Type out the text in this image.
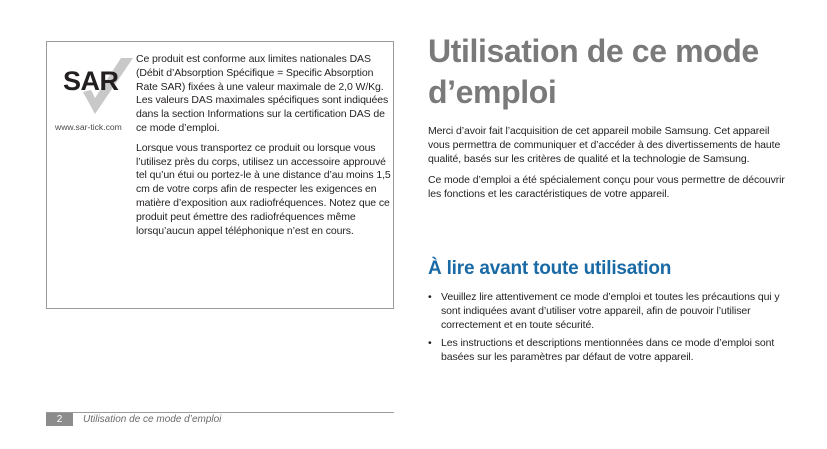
SAR
www.sar-tick.com

Ce produit est conforme aux limites nationales DAS (Débit d’Absorption Spécifique = Specific Absorption Rate SAR) fixées à une valeur maximale de 2,0 W/Kg. Les valeurs DAS maximales spécifiques sont indiquées dans la section Informations sur la certification DAS de ce mode d’emploi.

Lorsque vous transportez ce produit ou lorsque vous l’utilisez près du corps, utilisez un accessoire approuvé tel qu’un étui ou portez-le à une distance d’au moins 1,5 cm de votre corps afin de respecter les exigences en matière d’exposition aux radiofréquences. Notez que ce produit peut émettre des radiofréquences même lorsqu’aucun appel téléphonique n’est en cours.

Utilisation de ce mode d’emploi

Merci d’avoir fait l’acquisition de cet appareil mobile Samsung. Cet appareil vous permettra de communiquer et d’accéder à des divertissements de haute qualité, basés sur les critères de qualité et la technologie de Samsung.

Ce mode d’emploi a été spécialement conçu pour vous permettre de découvrir les fonctions et les caractéristiques de votre appareil.

À lire avant toute utilisation
• Veuillez lire attentivement ce mode d’emploi et toutes les précautions qui y sont indiquées avant d’utiliser votre appareil, afin de pouvoir l’utiliser correctement et en toute sécurité.
• Les instructions et descriptions mentionnées dans ce mode d’emploi sont basées sur les paramètres par défaut de votre appareil.
2	Utilisation de ce mode d’emploi
